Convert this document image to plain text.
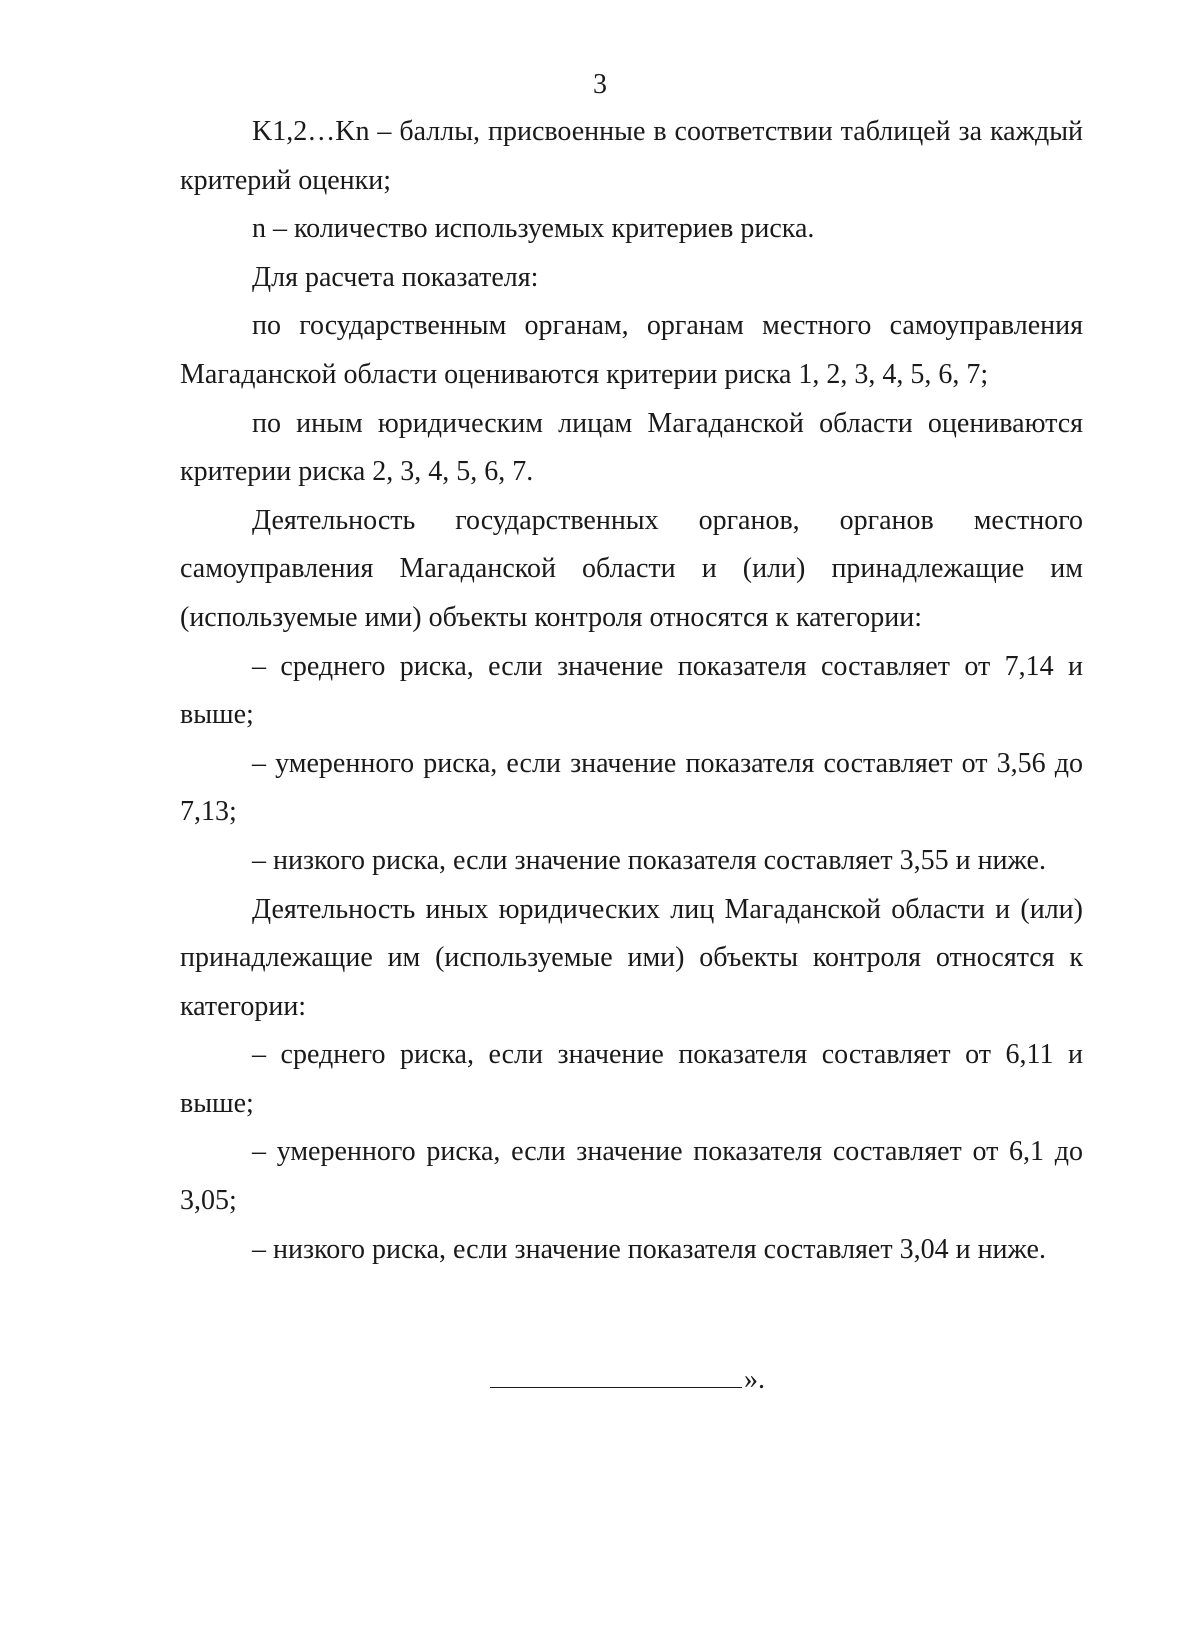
3

K1,2…Kn – баллы, присвоенные в соответствии таблицей за каждый критерий оценки;

n – количество используемых критериев риска.

Для расчета показателя:

по государственным органам, органам местного самоуправления Магаданской области оцениваются критерии риска 1, 2, 3, 4, 5, 6, 7;

по иным юридическим лицам Магаданской области оцениваются критерии риска 2, 3, 4, 5, 6, 7.

Деятельность государственных органов, органов местного самоуправления Магаданской области и (или) принадлежащие им (используемые ими) объекты контроля относятся к категории:

– среднего риска, если значение показателя составляет от 7,14 и выше;

– умеренного риска, если значение показателя составляет от 3,56 до 7,13;

– низкого риска, если значение показателя составляет 3,55 и ниже.

Деятельность иных юридических лиц Магаданской области и (или) принадлежащие им (используемые ими) объекты контроля относятся к категории:

– среднего риска, если значение показателя составляет от 6,11 и выше;

– умеренного риска, если значение показателя составляет от 6,1 до 3,05;

– низкого риска, если значение показателя составляет 3,04 и ниже.

».
